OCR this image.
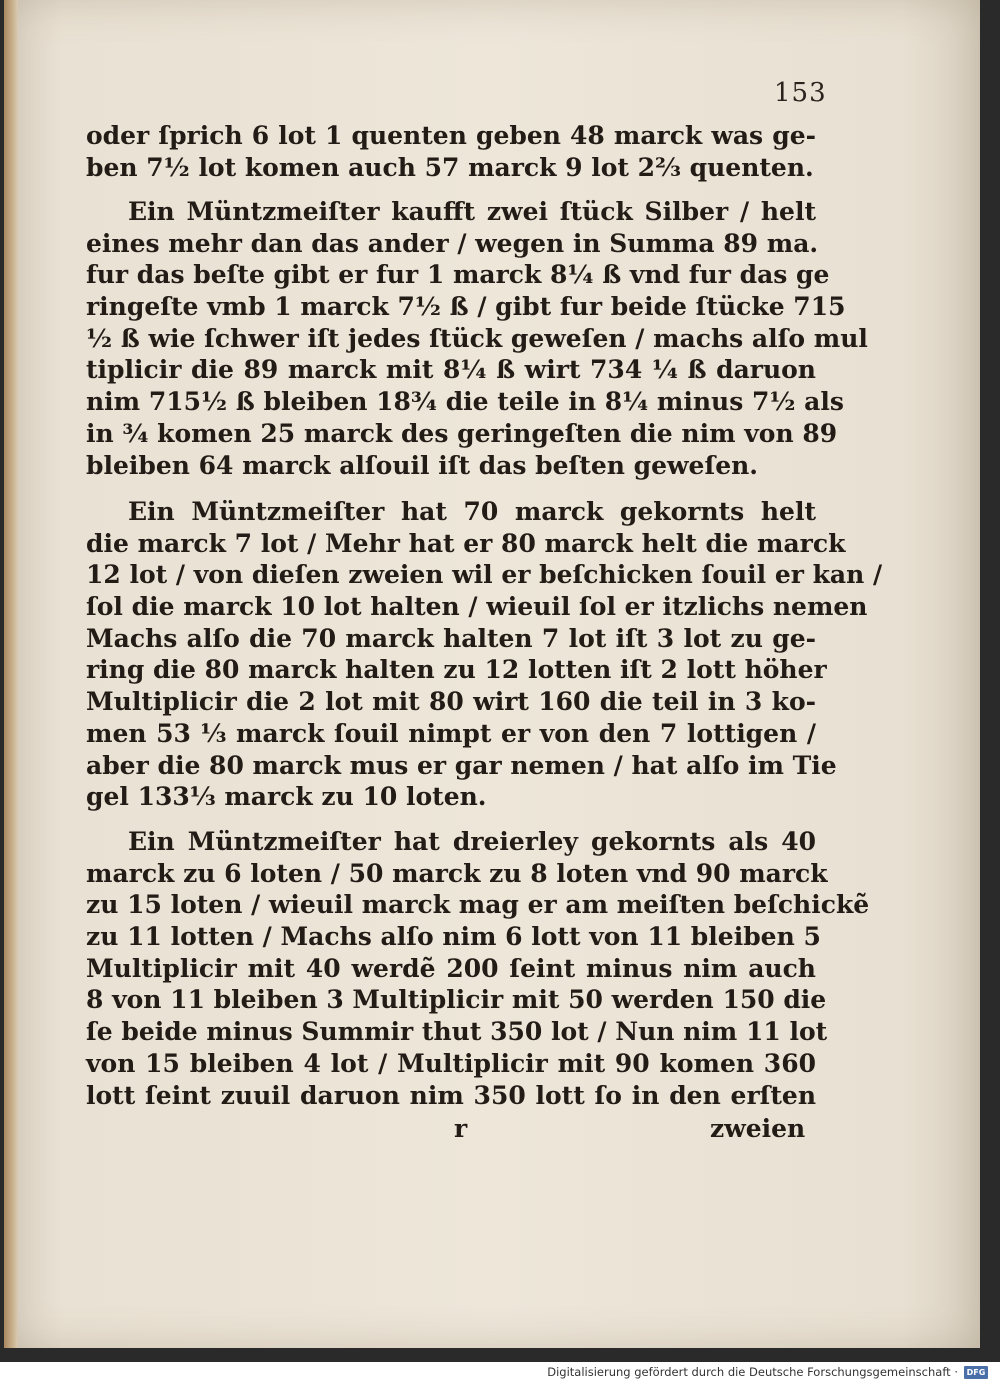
153
oder ſprich 6 lot 1 quenten geben 48 marck was ge-
ben 7½ lot komen auch 57 marck 9 lot 2⅔ quenten.
Ein Müntzmeiſter kaufft zwei ſtück Silber / helt
eines mehr dan das ander / wegen in Summa 89 ma.
fur das beſte gibt er fur 1 marck 8¼ ß vnd fur das ge
ringeſte vmb 1 marck 7½ ß / gibt fur beide ſtücke 715
½ ß wie ſchwer iſt jedes ſtück geweſen / machs alſo mul
tiplicir die 89 marck mit 8¼ ß wirt 734 ¼ ß daruon
nim 715½ ß bleiben 18¾ die teile in 8¼ minus 7½ als
in ¾ komen 25 marck des geringeſten die nim von 89
bleiben 64 marck alſouil iſt das beſten geweſen.
Ein Müntzmeiſter hat 70 marck gekornts helt
die marck 7 lot / Mehr hat er 80 marck helt die marck
12 lot / von dieſen zweien wil er beſchicken ſouil er kan /
ſol die marck 10 lot halten / wieuil ſol er itzlichs nemen
Machs alſo die 70 marck halten 7 lot iſt 3 lot zu ge-
ring die 80 marck halten zu 12 lotten iſt 2 lott höher
Multiplicir die 2 lot mit 80 wirt 160 die teil in 3 ko-
men 53 ⅓ marck ſouil nimpt er von den 7 lottigen /
aber die 80 marck mus er gar nemen / hat alſo im Tie
gel 133⅓ marck zu 10 loten.
Ein Müntzmeiſter hat dreierley gekornts als 40
marck zu 6 loten / 50 marck zu 8 loten vnd 90 marck
zu 15 loten / wieuil marck mag er am meiſten beſchickẽ
zu 11 lotten / Machs alſo nim 6 lott von 11 bleiben 5
Multiplicir mit 40 werdẽ 200 ſeint minus nim auch
8 von 11 bleiben 3 Multiplicir mit 50 werden 150 die
ſe beide minus Summir thut 350 lot / Nun nim 11 lot
von 15 bleiben 4 lot / Multiplicir mit 90 komen 360
lott ſeint zuuil daruon nim 350 lott ſo in den erſten
r	zweien
Digitalisierung gefördert durch die Deutsche Forschungsgemeinschaft ·	DFG
